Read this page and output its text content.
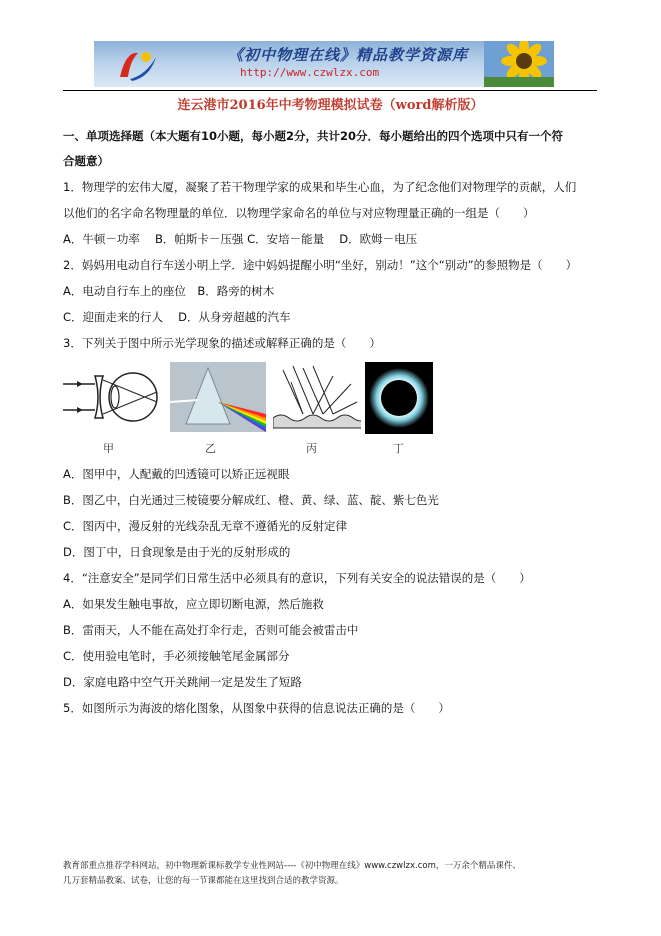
《初中物理在线》精品教学资源库
http://www.czwlzx.com
连云港市2016年中考物理模拟试卷（word解析版）
一、单项选择题（本大题有10小题，每小题2分，共计20分．每小题给出的四个选项中只有一个符
合题意）
1．物理学的宏伟大厦，凝聚了若干物理学家的成果和毕生心血，为了纪念他们对物理学的贡献，人们
以他们的名字命名物理量的单位．以物理学家命名的单位与对应物理量正确的一组是（　　）
A．牛顿－功率　 B．帕斯卡－压强 C．安培－能量　 D．欧姆－电压
2．妈妈用电动自行车送小明上学．途中妈妈提醒小明“坐好，别动！”这个“别动”的参照物是（　　）
A．电动自行车上的座位　B．路旁的树木
C．迎面走来的行人　 D．从身旁超越的汽车
3．下列关于图中所示光学现象的描述或解释正确的是（　　）
甲	乙	丙	丁
A．图甲中，人配戴的凹透镜可以矫正远视眼
B．图乙中，白光通过三棱镜要分解成红、橙、黄、绿、蓝、靛、紫七色光
C．图丙中，漫反射的光线杂乱无章不遵循光的反射定律
D．图丁中，日食现象是由于光的反射形成的
4．“注意安全”是同学们日常生活中必须具有的意识，下列有关安全的说法错误的是（　　）
A．如果发生触电事故，应立即切断电源，然后施救
B．雷雨天，人不能在高处打伞行走，否则可能会被雷击中
C．使用验电笔时，手必须接触笔尾金属部分
D．家庭电路中空气开关跳闸一定是发生了短路
5．如图所示为海波的熔化图象，从图象中获得的信息说法正确的是（　　）
教育部重点推荐学科网站，初中物理新课标教学专业性网站----《初中物理在线》www.czwlzx.com，一万余个精品课件、
几万套精品教案、试卷，让您的每一节课都能在这里找到合适的教学资源。
